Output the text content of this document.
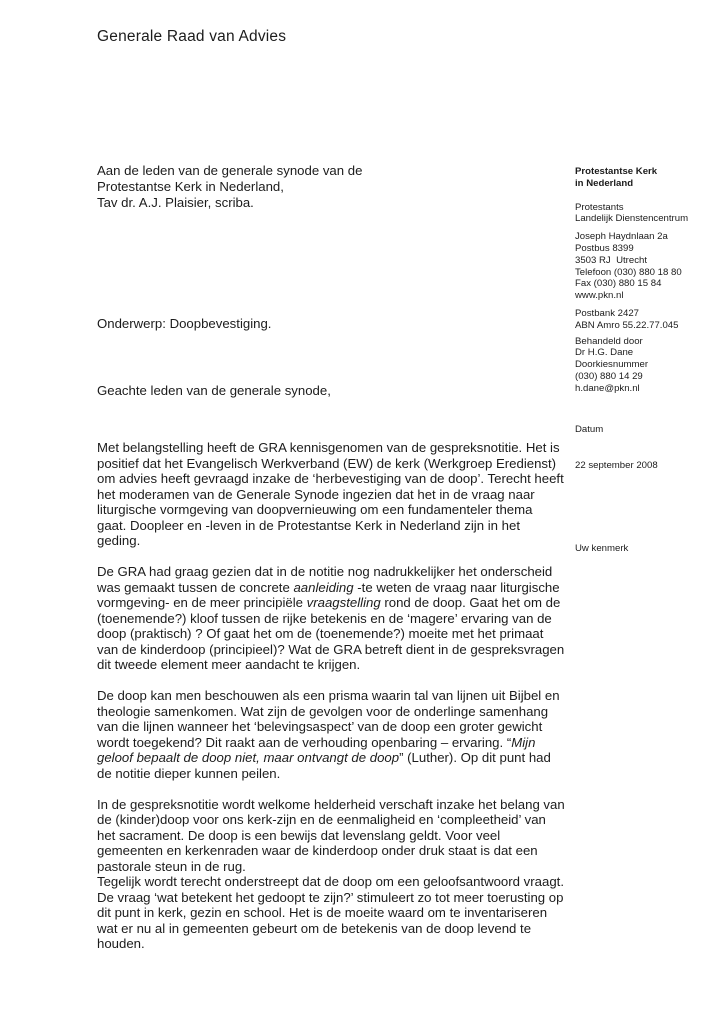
Generale Raad van Advies
Aan de leden van de generale synode van de
Protestantse Kerk in Nederland,
Tav dr. A.J. Plaisier, scriba.
Onderwerp: Doopbevestiging.
Geachte leden van de generale synode,
Met belangstelling heeft de GRA kennisgenomen van de gespreksnotitie. Het is positief dat het Evangelisch Werkverband (EW) de kerk (Werkgroep Eredienst) om advies heeft gevraagd inzake de ‘herbevestiging van de doop’. Terecht heeft het moderamen van de Generale Synode ingezien dat het in de vraag naar liturgische vormgeving van doopvernieuwing om een fundamenteler thema gaat. Doopleer en -leven in de Protestantse Kerk in Nederland zijn in het geding.
De GRA had graag gezien dat in de notitie nog nadrukkelijker het onderscheid was gemaakt tussen de concrete aanleiding -te weten de vraag naar liturgische vormgeving- en de meer principiële vraagstelling rond de doop. Gaat het om de (toenemende?) kloof tussen de rijke betekenis en de ‘magere’ ervaring van de doop (praktisch) ? Of gaat het om de (toenemende?) moeite met het primaat van de kinderdoop (principieel)? Wat de GRA betreft dient in de gespreksvragen dit tweede element meer aandacht te krijgen.
De doop kan men beschouwen als een prisma waarin tal van lijnen uit Bijbel en theologie samenkomen. Wat zijn de gevolgen voor de onderlinge samenhang van die lijnen wanneer het ‘belevingsaspect’ van de doop een groter gewicht wordt toegekend? Dit raakt aan de verhouding openbaring – ervaring. “Mijn geloof bepaalt de doop niet, maar ontvangt de doop” (Luther). Op dit punt had de notitie dieper kunnen peilen.
In de gespreksnotitie wordt welkome helderheid verschaft inzake het belang van de (kinder)doop voor ons kerk-zijn en de eenmaligheid en ‘compleetheid’ van het sacrament. De doop is een bewijs dat levenslang geldt. Voor veel gemeenten en kerkenraden waar de kinderdoop onder druk staat is dat een pastorale steun in de rug.
Tegelijk wordt terecht onderstreept dat de doop om een geloofsantwoord vraagt. De vraag ‘wat betekent het gedoopt te zijn?’ stimuleert zo tot meer toerusting op dit punt in kerk, gezin en school. Het is de moeite waard om te inventariseren wat er nu al in gemeenten gebeurt om de betekenis van de doop levend te houden.
Protestantse Kerk
in Nederland
Protestants
Landelijk Dienstencentrum
Joseph Haydnlaan 2a
Postbus 8399
3503 RJ  Utrecht
Telefoon (030) 880 18 80
Fax (030) 880 15 84
www.pkn.nl
Postbank 2427
ABN Amro 55.22.77.045
Behandeld door
Dr H.G. Dane
Doorkiesnummer
(030) 880 14 29
h.dane@pkn.nl

Datum

22 september 2008

Uw kenmerk
